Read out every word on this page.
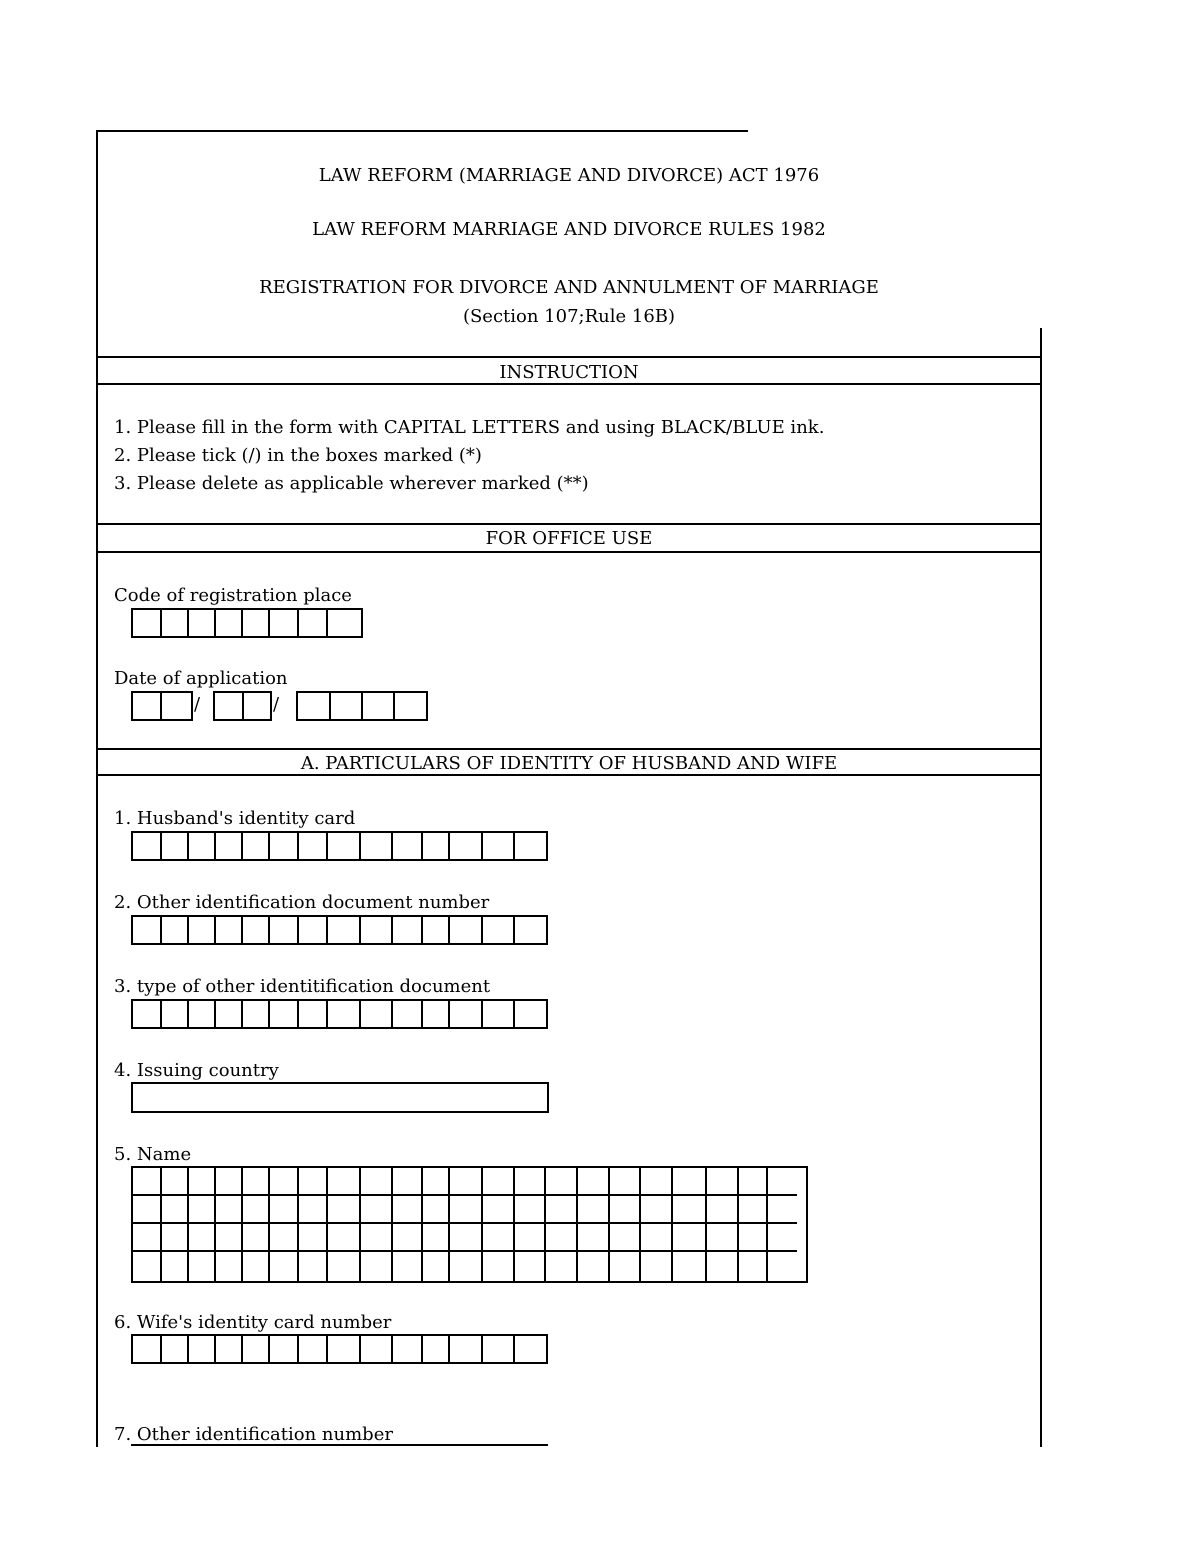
LAW REFORM (MARRIAGE AND DIVORCE) ACT 1976
LAW REFORM MARRIAGE AND DIVORCE RULES 1982
REGISTRATION FOR DIVORCE AND ANNULMENT OF MARRIAGE
(Section 107;Rule 16B)
INSTRUCTION
1. Please fill in the form with CAPITAL LETTERS and using BLACK/BLUE ink.
2. Please tick (/) in the boxes marked (*)
3. Please delete as applicable wherever marked (**)
FOR OFFICE USE
Code of registration place
Date of application
/	/
A. PARTICULARS OF IDENTITY OF HUSBAND AND WIFE
1. Husband's identity card
2. Other identification document number
3. type of other identitification document
4. Issuing country
5. Name
6. Wife's identity card number
7. Other identification number
